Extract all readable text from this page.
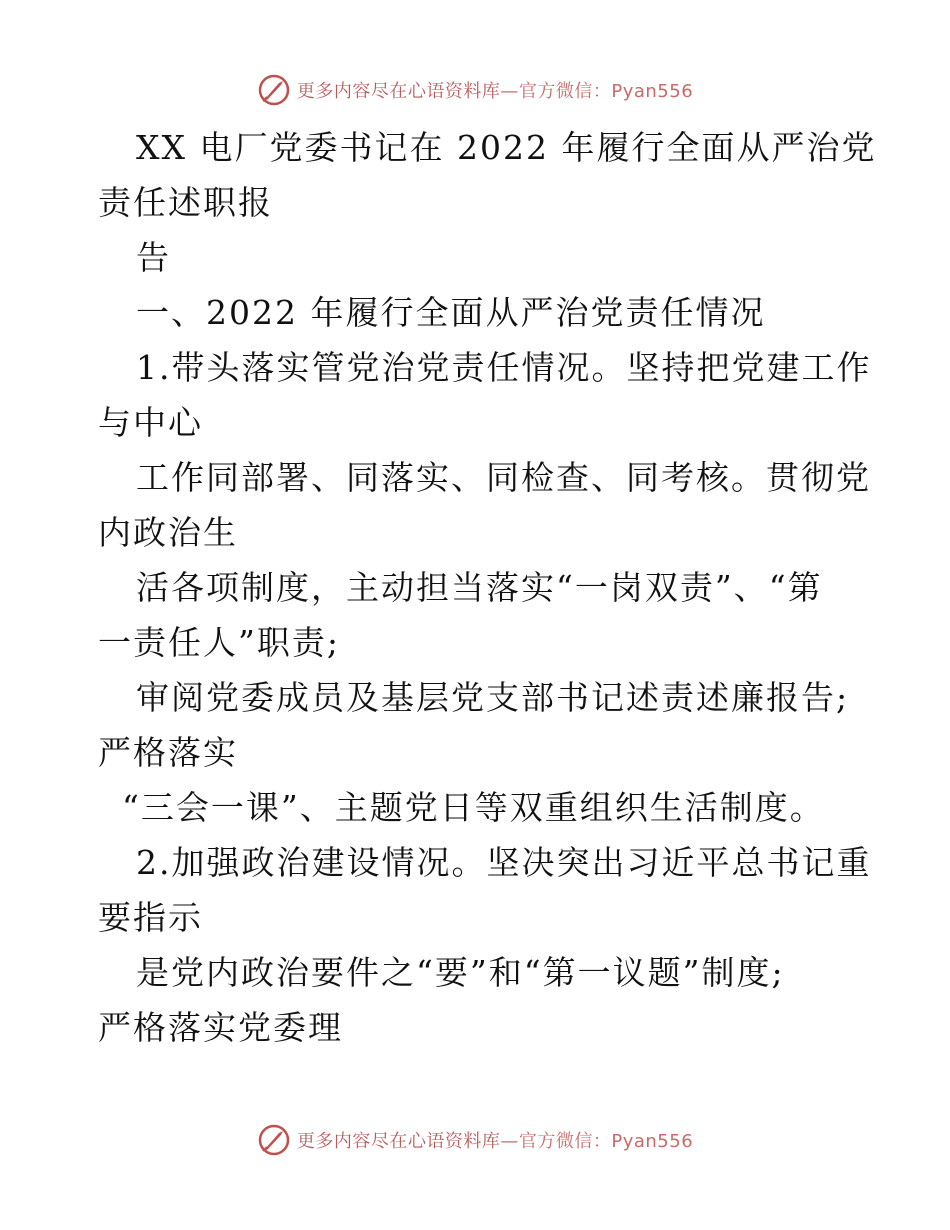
更多内容尽在心语资料库—官方微信：Pyan556
XX 电厂党委书记在 2022 年履行全面从严治党
责任述职报
告
一、2022 年履行全面从严治党责任情况
1.带头落实管党治党责任情况。坚持把党建工作
与中心
工作同部署、同落实、同检查、同考核。贯彻党
内政治生
活各项制度，主动担当落实“一岗双责”、“第
一责任人”职责;
审阅党委成员及基层党支部书记述责述廉报告;
严格落实
“三会一课”、主题党日等双重组织生活制度。
2.加强政治建设情况。坚决突出习近平总书记重
要指示
是党内政治要件之“要”和“第一议题”制度;
严格落实党委理
更多内容尽在心语资料库—官方微信：Pyan556
